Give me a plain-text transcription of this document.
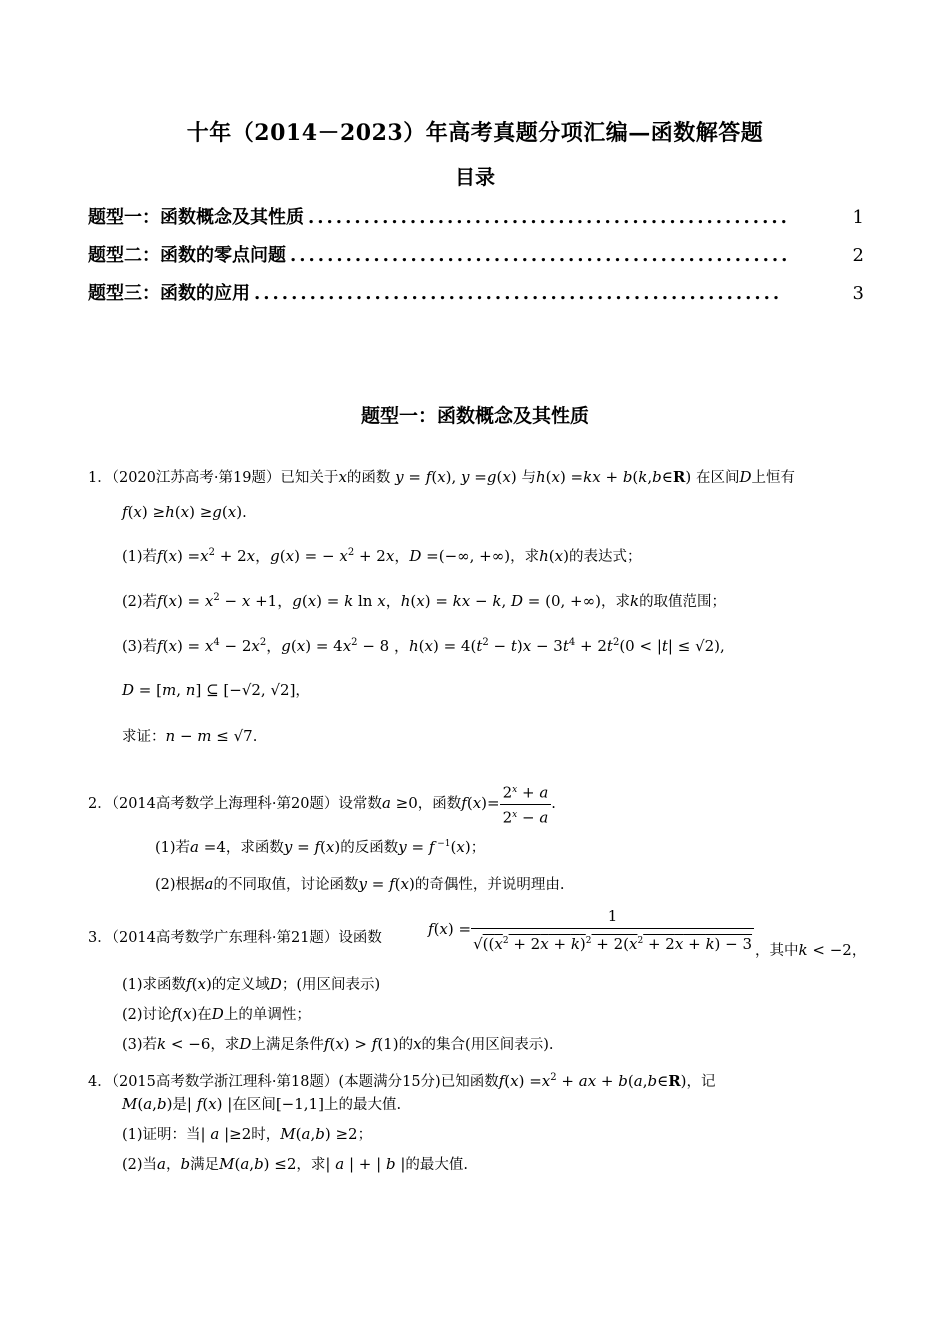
十年（2014－2023）年高考真题分项汇编—函数解答题
目录
题型一：函数概念及其性质 ....................................................	1
题型二：函数的零点问题 ......................................................	2
题型三：函数的应用 .........................................................	3
题型一：函数概念及其性质
1．（2020江苏高考·第19题）已知关于x的函数 y = f(x), y =g(x) 与h(x) =kx + b(k,b∈R) 在区间D上恒有
f(x) ≥h(x) ≥g(x).
(1)若$f(x) =x^2 + 2x$，g(x) = − $x^2 + 2x$，D =(−∞, +∞)，求h(x)的表达式；
(2)若$f(x) = x^2 - x +1$，g(x) = k ln x，h(x) = kx − k, D = (0, +∞)，求k的取值范围；
(3)若$f(x) = x^4 - 2x^2$，$g(x) = 4x^2 - 8$ ，$h(x) = 4(t^2 - t)x - 3t^4 + 2t^2(0 < |t| \le √2)$,
D = [m, n] ⊆ [−√2, √2]，
求证：n − m ≤ √7.
2．（2014高考数学上海理科·第20题）设常数a ≥0，函数$f(x)= \frac{2^x + a}{2^x - a}$ .
(1)若a =4，求函数y = f(x)的反函数y = f $^{-1}$(x)；
(2)根据a的不同取值，讨论函数y = f(x)的奇偶性，并说明理由.
3．（2014高考数学广东理科·第21题）设函数	$f(x) = \frac{1}{√((\overline{x}^2 + 2\overline{x} + \overline{k})^2 + 2(\overline{x}^2 + 2\overline{x} + \overline{k}) - 3}$ ，其中k < −2，
(1)求函数f(x)的定义域D；(用区间表示)
(2)讨论f(x)在D上的单调性；
(3)若k < −6，求D上满足条件f(x) > f(1)的x的集合(用区间表示).
4．（2015高考数学浙江理科·第18题）(本题满分15分)已知函数$f(x) =x^2$ + ax + b(a,b∈R)，记
M(a,b)是| f(x) |在区间[−1,1]上的最大值.
(1)证明：当| a |≥2时，M(a,b) ≥2；
(2)当a，b满足M(a,b) ≤2，求| a | + | b |的最大值.
